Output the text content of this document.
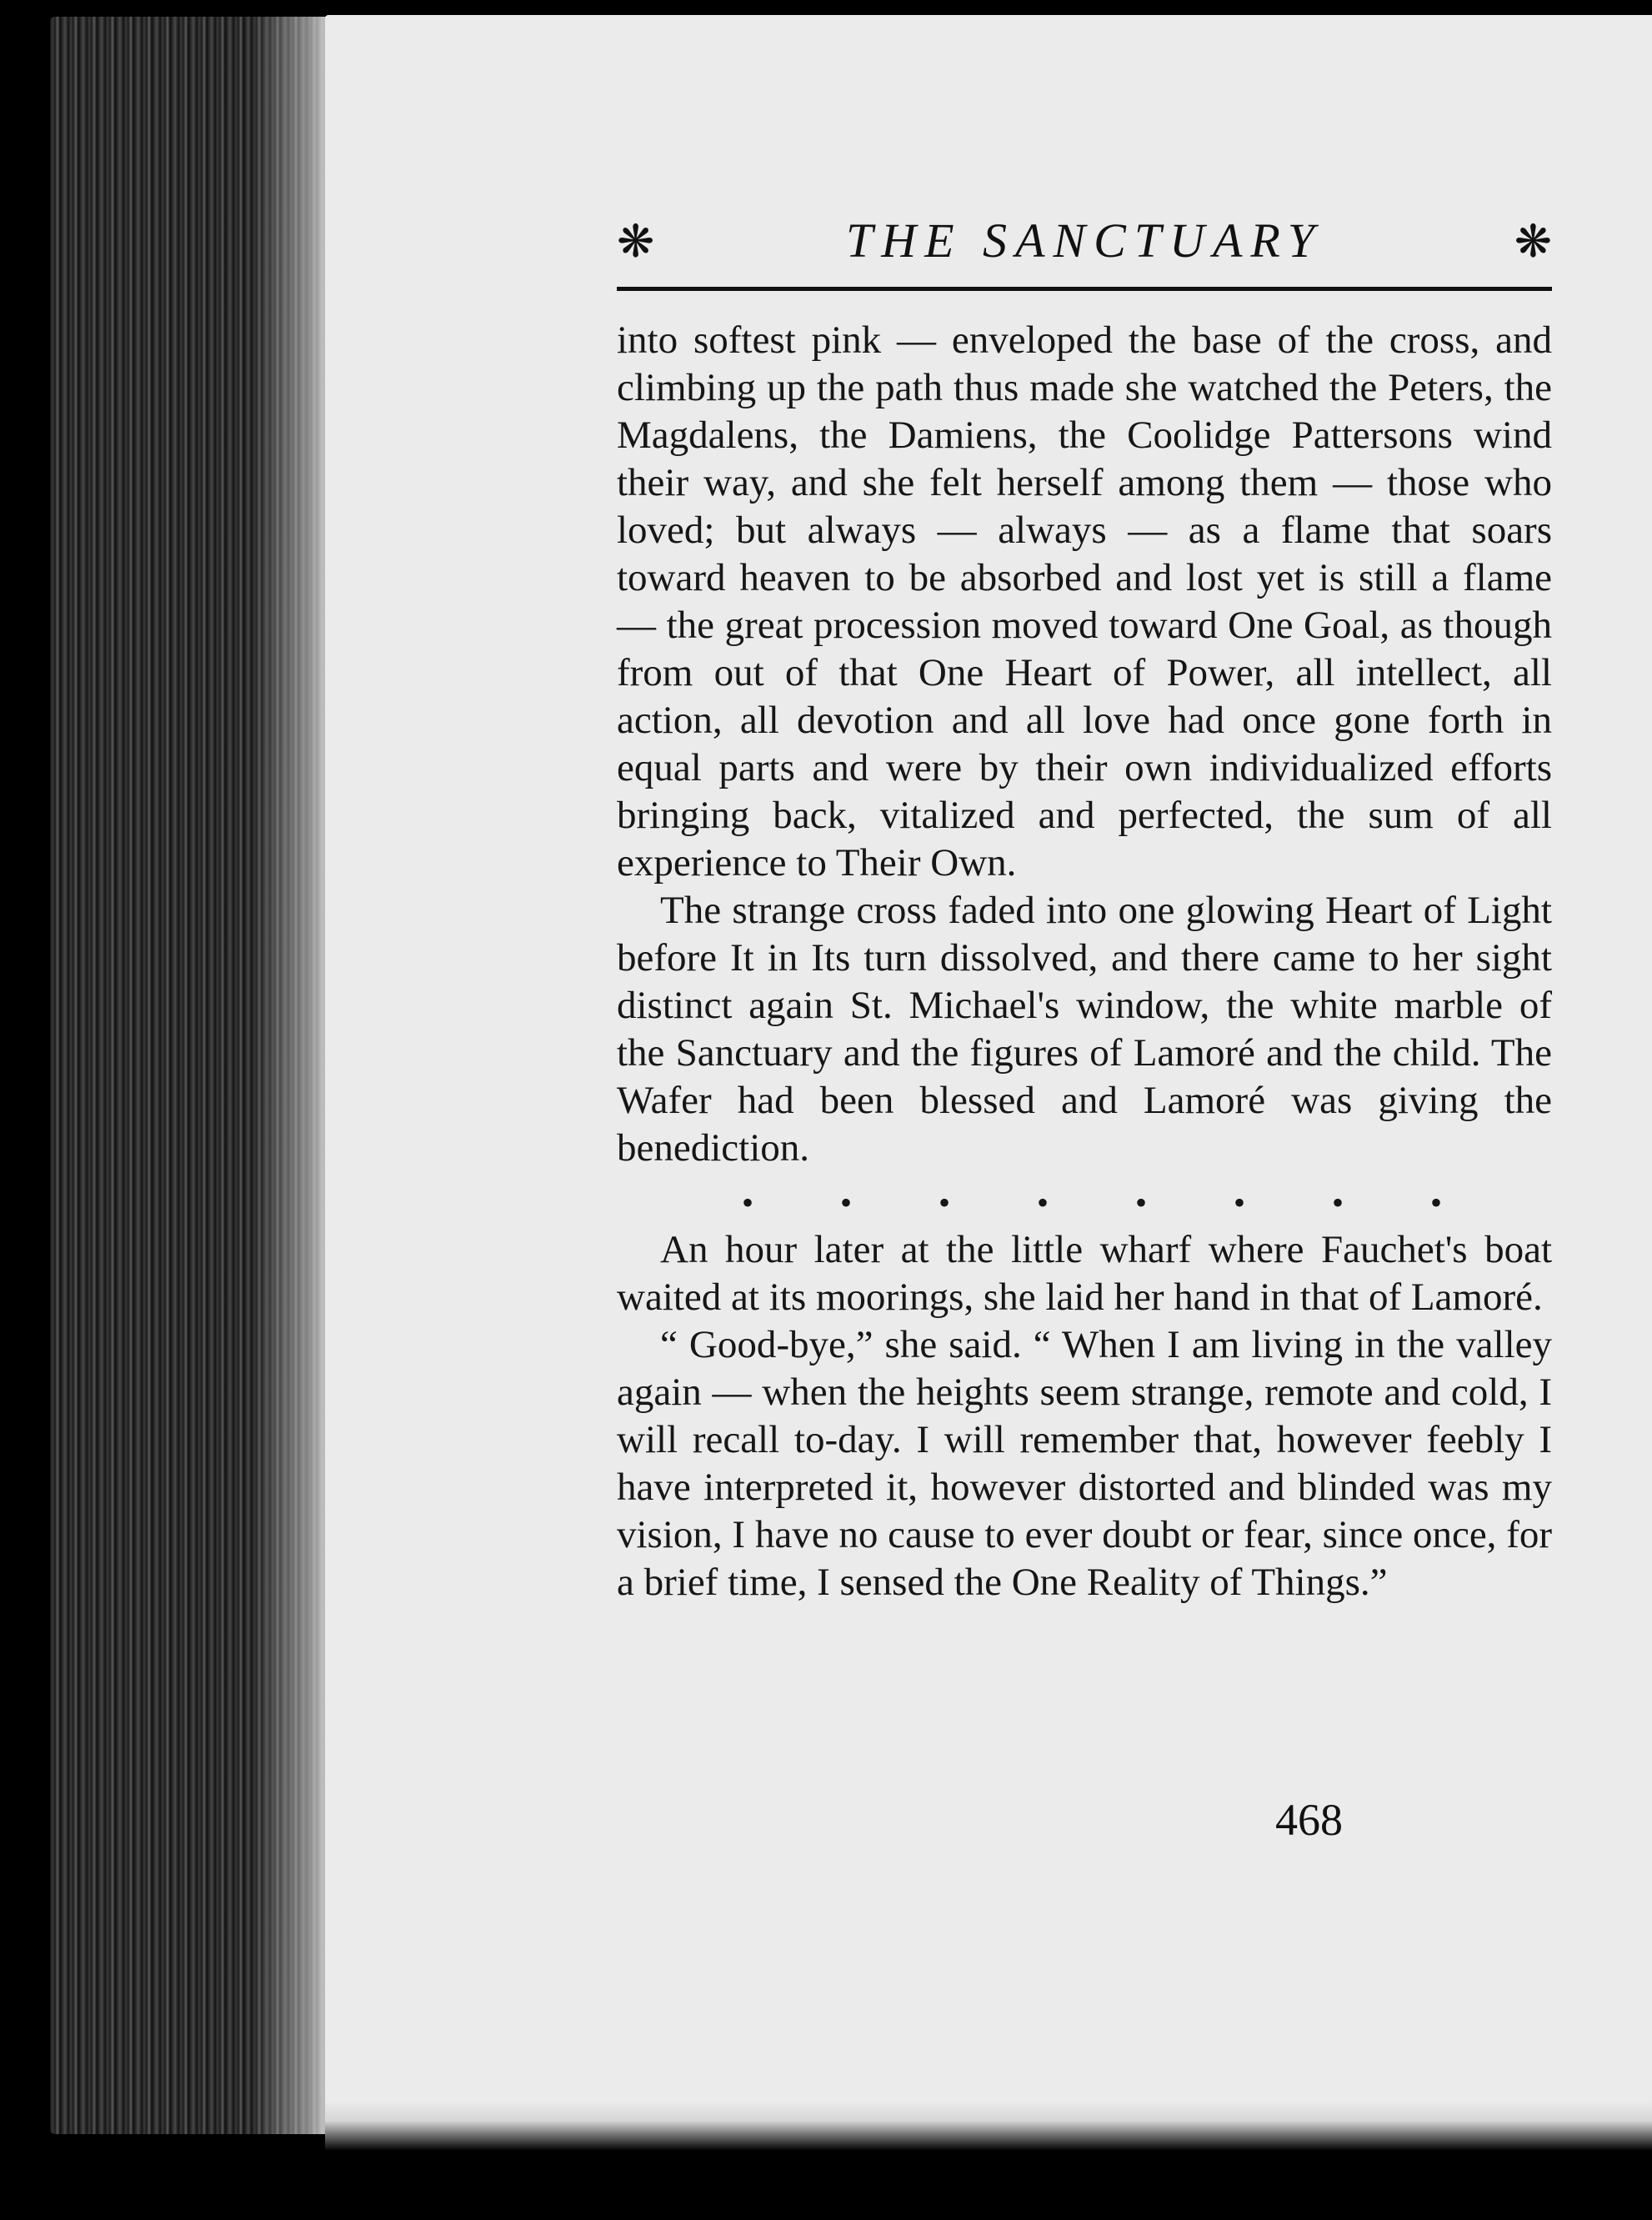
❋	THE SANCTUARY	❋

into softest pink — enveloped the base of the cross, and climbing up the path thus made she watched the Peters, the Magdalens, the Damiens, the Coolidge Pattersons wind their way, and she felt herself among them — those who loved; but always — always — as a flame that soars toward heaven to be absorbed and lost yet is still a flame — the great procession moved toward One Goal, as though from out of that One Heart of Power, all intellect, all action, all devotion and all love had once gone forth in equal parts and were by their own individualized efforts bringing back, vitalized and perfected, the sum of all experience to Their Own.

The strange cross faded into one glowing Heart of Light before It in Its turn dissolved, and there came to her sight distinct again St. Michael's window, the white marble of the Sanctuary and the figures of Lamoré and the child. The Wafer had been blessed and Lamoré was giving the benediction.

•	•	•	•	•	•	•	•

An hour later at the little wharf where Fauchet's boat waited at its moorings, she laid her hand in that of Lamoré.

“ Good-bye,” she said. “ When I am living in the valley again — when the heights seem strange, remote and cold, I will recall to-day. I will remember that, however feebly I have interpreted it, however distorted and blinded was my vision, I have no cause to ever doubt or fear, since once, for a brief time, I sensed the One Reality of Things.”

468
